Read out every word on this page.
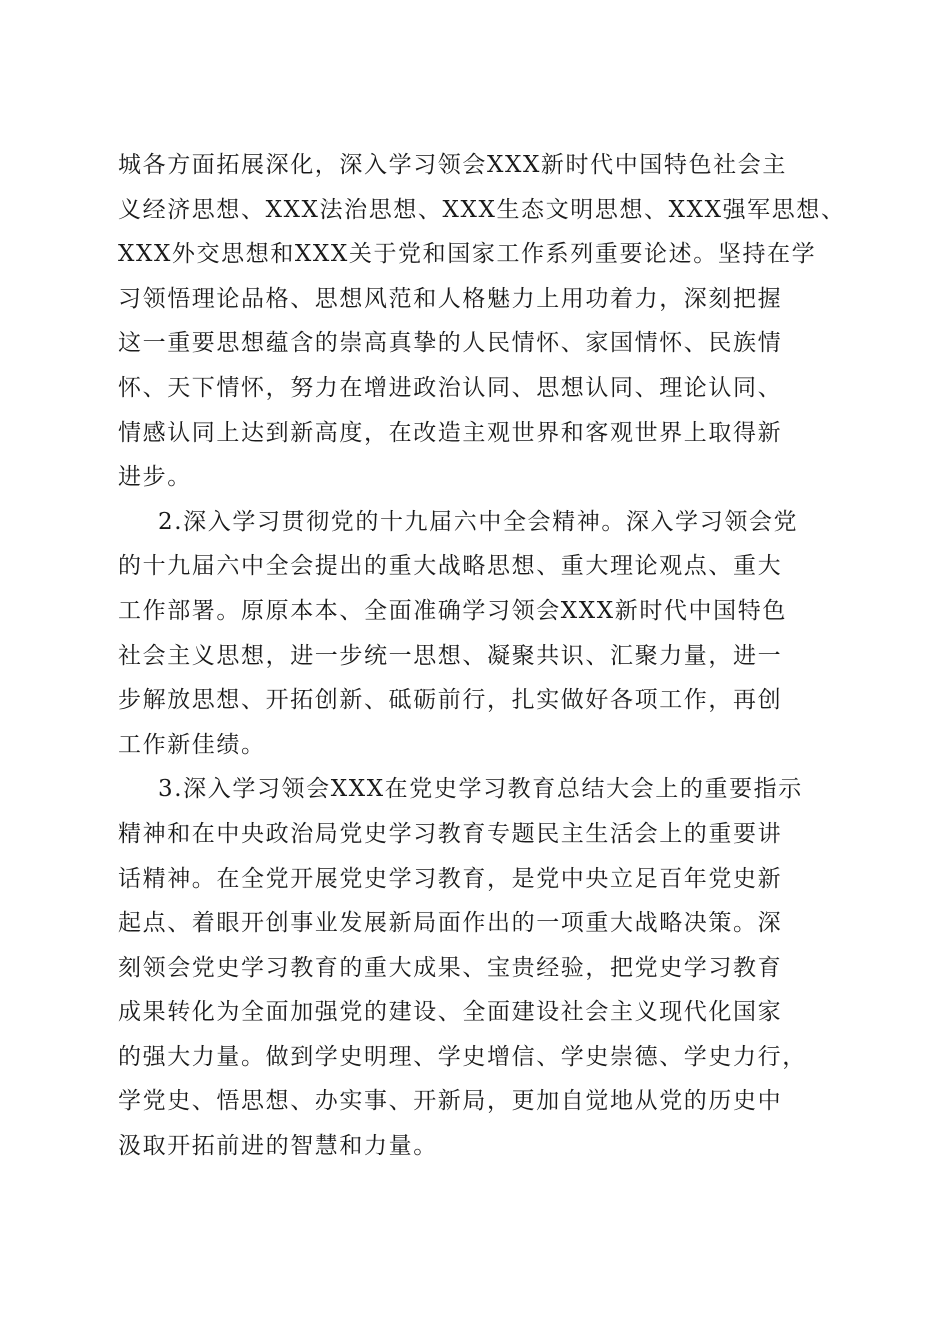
城各方面拓展深化，深入学习领会XXX新时代中国特色社会主
义经济思想、XXX法治思想、XXX生态文明思想、XXX强军思想、
XXX外交思想和XXX关于党和国家工作系列重要论述。坚持在学
习领悟理论品格、思想风范和人格魅力上用功着力，深刻把握
这一重要思想蕴含的崇高真挚的人民情怀、家国情怀、民族情
怀、天下情怀，努力在增进政治认同、思想认同、理论认同、
情感认同上达到新高度，在改造主观世界和客观世界上取得新
进步。
2.深入学习贯彻党的十九届六中全会精神。深入学习领会党
的十九届六中全会提出的重大战略思想、重大理论观点、重大
工作部署。原原本本、全面准确学习领会XXX新时代中国特色
社会主义思想，进一步统一思想、凝聚共识、汇聚力量，进一
步解放思想、开拓创新、砥砺前行，扎实做好各项工作，再创
工作新佳绩。
3.深入学习领会XXX在党史学习教育总结大会上的重要指示
精神和在中央政治局党史学习教育专题民主生活会上的重要讲
话精神。在全党开展党史学习教育，是党中央立足百年党史新
起点、着眼开创事业发展新局面作出的一项重大战略决策。深
刻领会党史学习教育的重大成果、宝贵经验，把党史学习教育
成果转化为全面加强党的建设、全面建设社会主义现代化国家
的强大力量。做到学史明理、学史增信、学史崇德、学史力行，
学党史、悟思想、办实事、开新局，更加自觉地从党的历史中
汲取开拓前进的智慧和力量。
